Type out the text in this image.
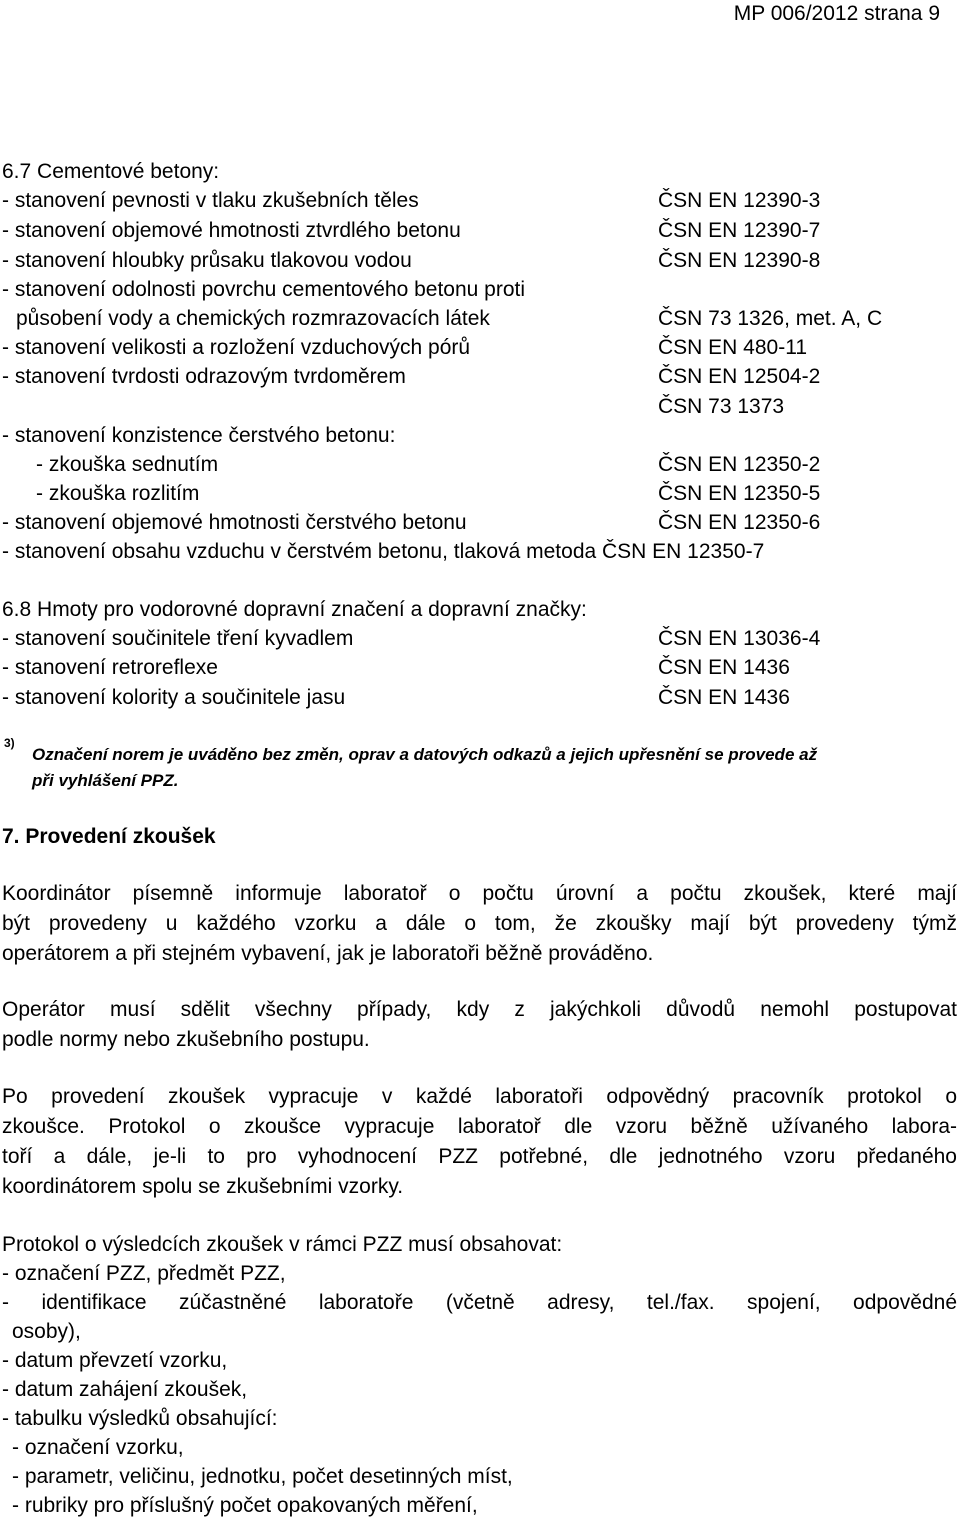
MP 006/2012 strana 9
6.7 Cementové betony:
- stanovení pevnosti v tlaku zkušebních těles	ČSN EN 12390-3
- stanovení objemové hmotnosti ztvrdlého betonu	ČSN EN 12390-7
- stanovení hloubky průsaku tlakovou vodou	ČSN EN 12390-8
- stanovení odolnosti povrchu cementového betonu proti
působení vody a chemických rozmrazovacích látek	ČSN 73 1326, met. A, C
- stanovení velikosti a rozložení vzduchových pórů	ČSN EN 480-11
- stanovení tvrdosti odrazovým tvrdoměrem	ČSN EN 12504-2
ČSN 73 1373
- stanovení konzistence čerstvého betonu:
- zkouška sednutím	ČSN EN 12350-2
- zkouška rozlitím	ČSN EN 12350-5
- stanovení objemové hmotnosti čerstvého betonu	ČSN EN 12350-6
- stanovení obsahu vzduchu v čerstvém betonu, tlaková metoda ČSN EN 12350-7
6.8 Hmoty pro vodorovné dopravní značení a dopravní značky:
- stanovení součinitele tření kyvadlem	ČSN EN 13036-4
- stanovení retroreflexe	ČSN EN 1436
- stanovení kolority a součinitele jasu	ČSN EN 1436
3)
Označení norem je uváděno bez změn, oprav a datových odkazů a jejich upřesnění se provede až
při vyhlášení PPZ.
7. Provedení zkoušek
Koordinátor písemně informuje laboratoř o počtu úrovní a počtu zkoušek, které mají
být provedeny u každého vzorku a dále o tom, že zkoušky mají být provedeny týmž
operátorem a při stejném vybavení, jak je laboratoři běžně prováděno.
Operátor musí sdělit všechny případy, kdy z jakýchkoli důvodů nemohl postupovat
podle normy nebo zkušebního postupu.
Po provedení zkoušek vypracuje v každé laboratoři odpovědný pracovník protokol o
zkoušce. Protokol o zkoušce vypracuje laboratoř dle vzoru běžně užívaného labora-
toří a dále, je-li to pro vyhodnocení PZZ potřebné, dle jednotného vzoru předaného
koordinátorem spolu se zkušebními vzorky.
Protokol o výsledcích zkoušek v rámci PZZ musí obsahovat:
- označení PZZ, předmět PZZ,
- identifikace zúčastněné laboratoře (včetně adresy, tel./fax. spojení, odpovědné
osoby),
- datum převzetí vzorku,
- datum zahájení zkoušek,
- tabulku výsledků obsahující:
- označení vzorku,
- parametr, veličinu, jednotku, počet desetinných míst,
- rubriky pro příslušný počet opakovaných měření,
